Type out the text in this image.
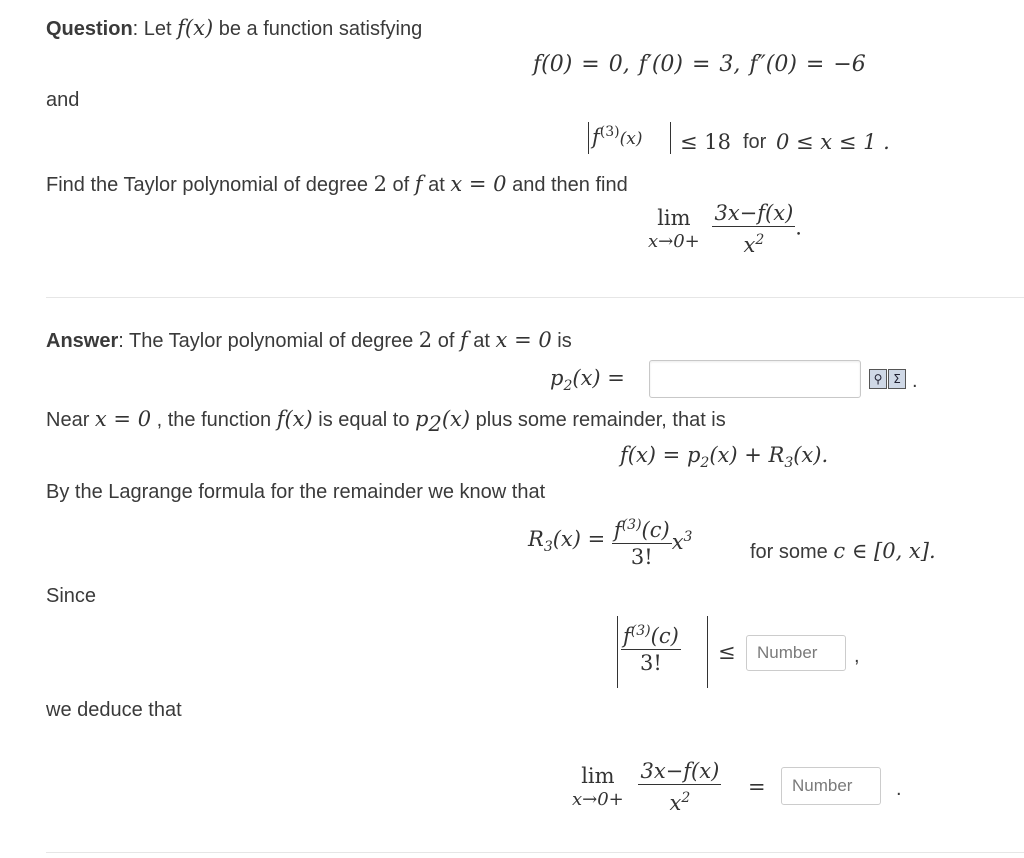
Question: Let f(x) be a function satisfying
f(0) = 0, f′(0) = 3, f″(0) = −6
and
$f^{(3)}(x) \le 18$ for 0 ≤ x ≤ 1 .
Find the Taylor polynomial of degree 2 of f at x = 0 and then find
lim
x→0+
$\frac{3x-f(x)}{x^2}$ .
Answer: The Taylor polynomial of degree 2 of f at x = 0 is
$p_2(x)$ =	⚲ Σ .
Near x = 0 , the function f(x) is equal to $p_2(x)$ plus some remainder, that is
$f(x) = p_2(x) + R_3(x)$.
By the Lagrange formula for the remainder we know that
$R_3(x) = \frac{f^{(3)}(c)}{3!} x^3$
for some c ∈ [0, x].
Since
$\frac{f^{(3)}(c)}{3!}$ ≤ Number ,
we deduce that
lim
x→0+
$\frac{3x-f(x)}{x^2}$ = Number .
